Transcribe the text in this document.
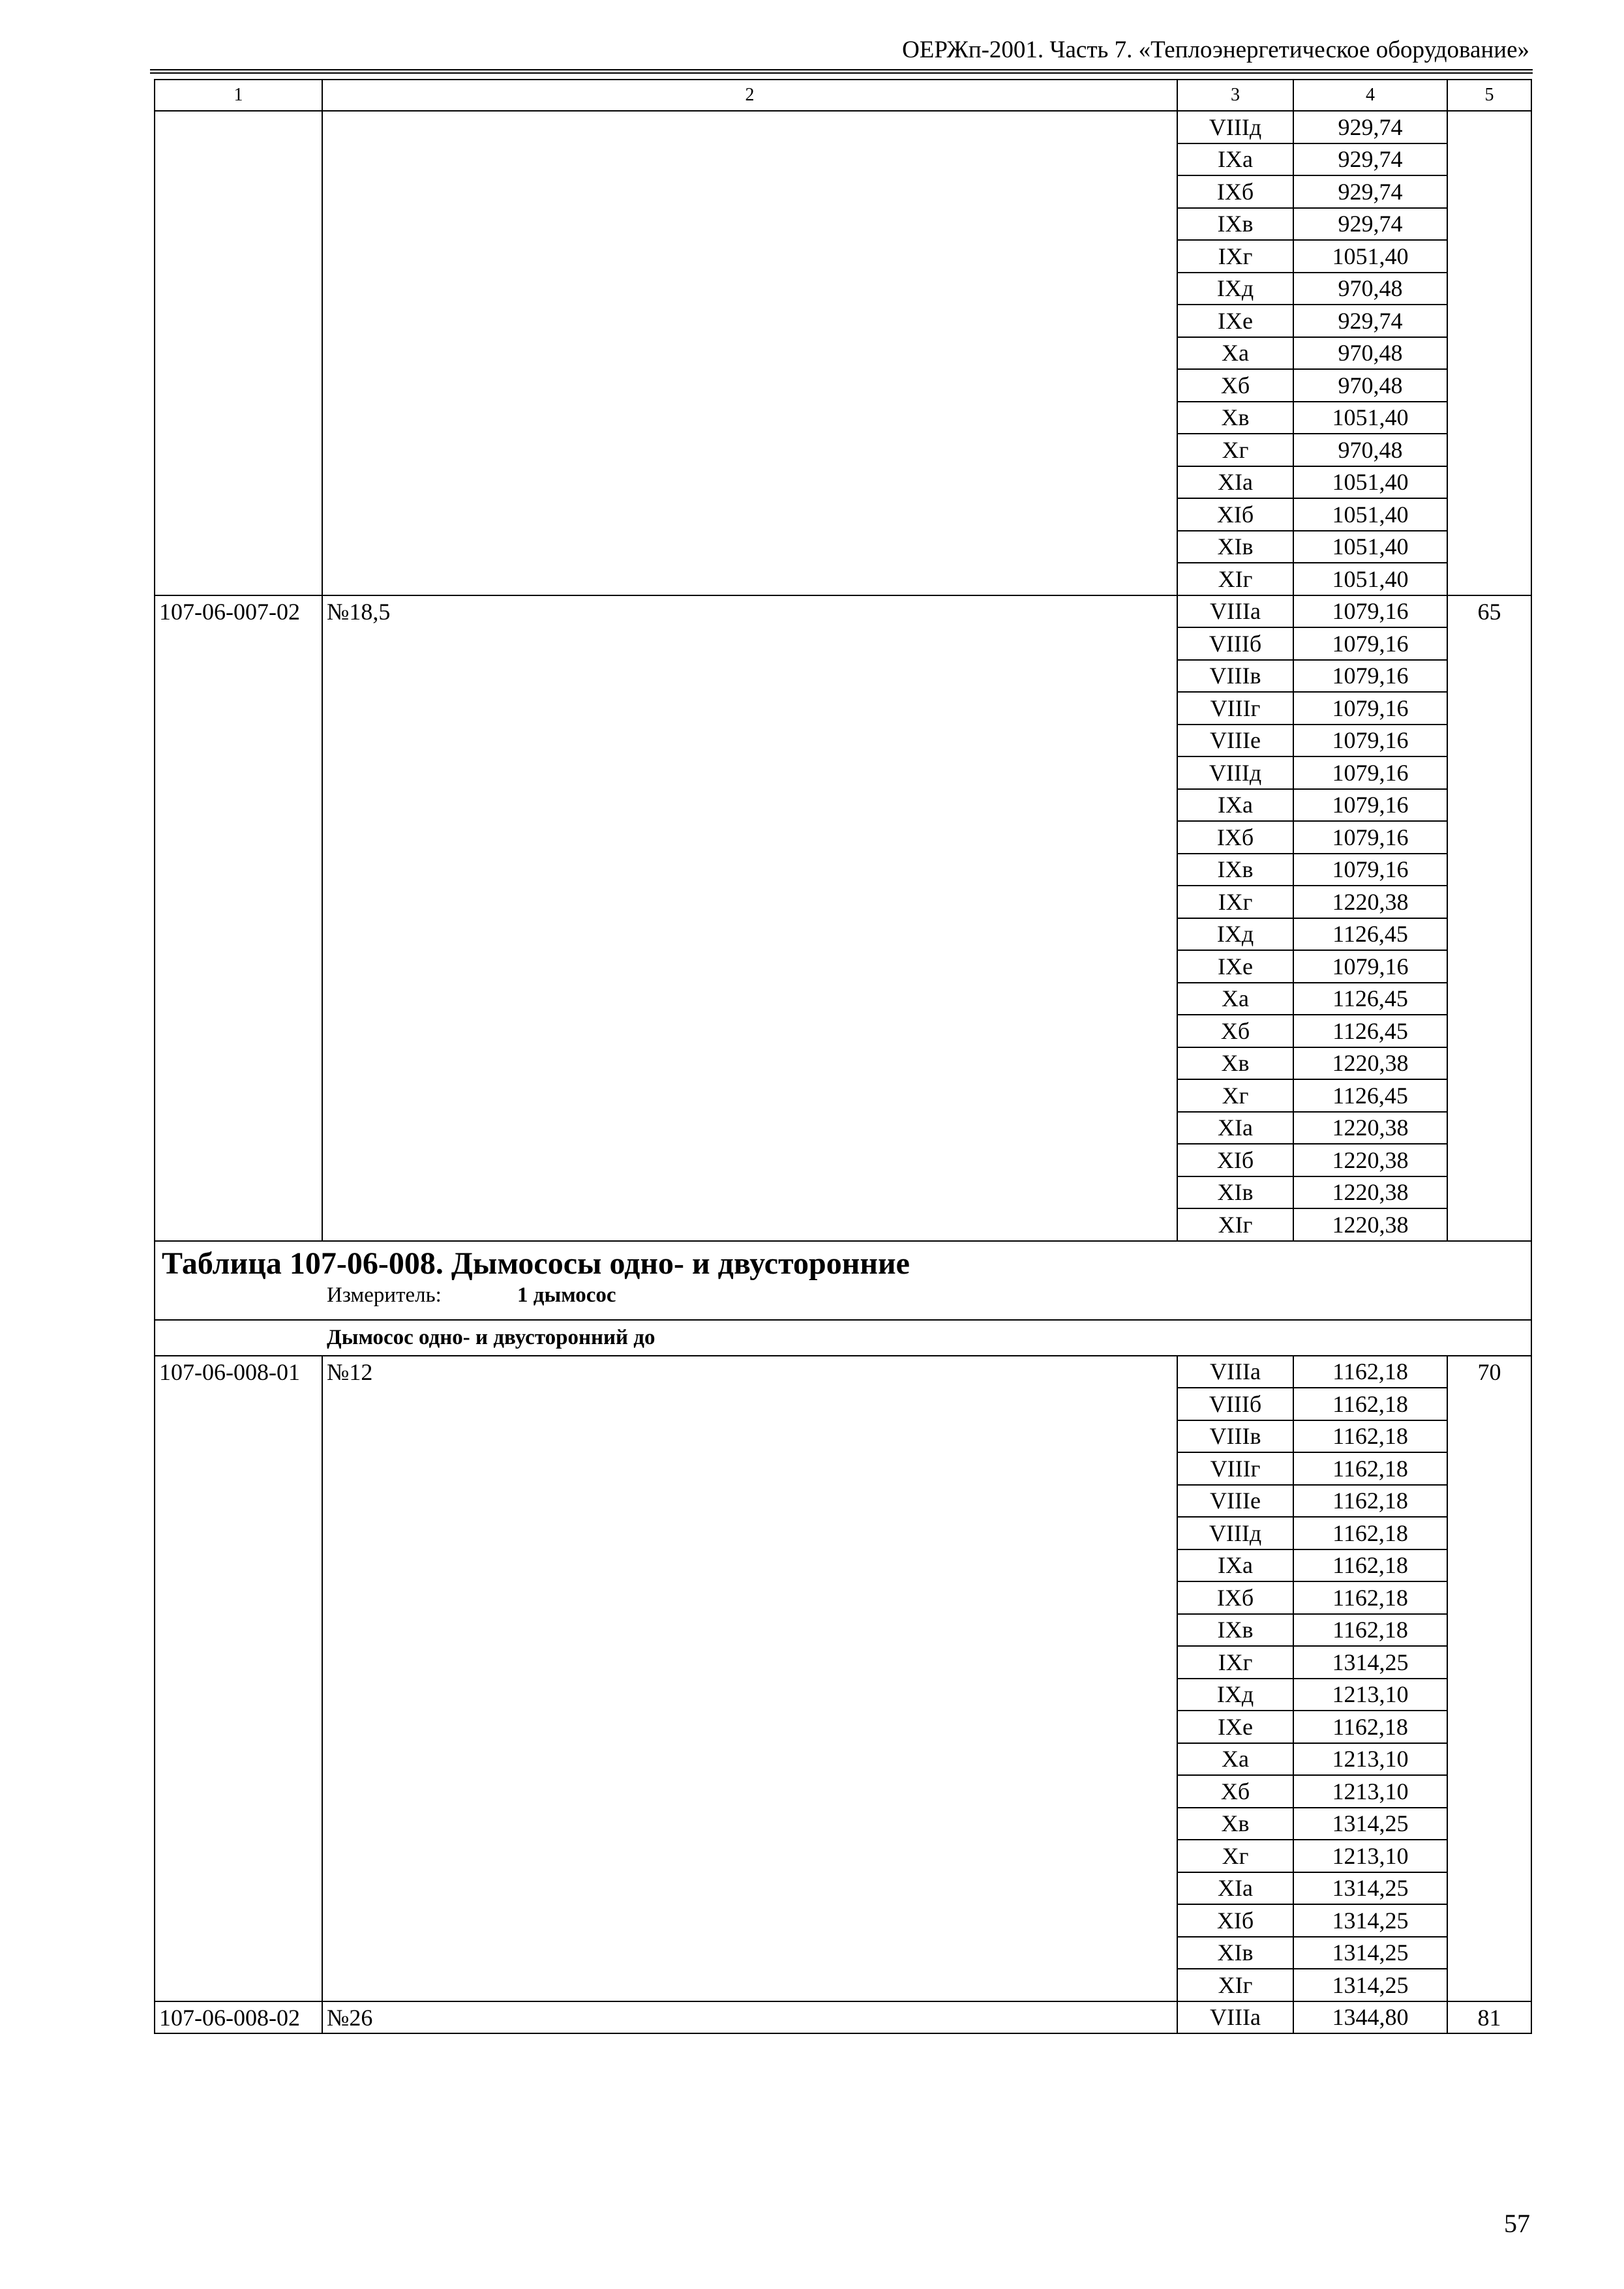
ОЕРЖп-2001. Часть 7. «Теплоэнергетическое оборудование»
1	2	3	4	5
		VIIIд	929,74	
		IXа	929,74	
		IXб	929,74	
		IXв	929,74	
		IXг	1051,40	
		IXд	970,48	
		IXе	929,74	
		Xа	970,48	
		Xб	970,48	
		Xв	1051,40	
		Xг	970,48	
		XIа	1051,40	
		XIб	1051,40	
		XIв	1051,40	
		XIг	1051,40	
107-06-007-02	№18,5	VIIIа	1079,16	65
		VIIIб	1079,16	
		VIIIв	1079,16	
		VIIIг	1079,16	
		VIIIе	1079,16	
		VIIIд	1079,16	
		IXа	1079,16	
		IXб	1079,16	
		IXв	1079,16	
		IXг	1220,38	
		IXд	1126,45	
		IXе	1079,16	
		Xа	1126,45	
		Xб	1126,45	
		Xв	1220,38	
		Xг	1126,45	
		XIа	1220,38	
		XIб	1220,38	
		XIв	1220,38	
		XIг	1220,38	

Таблица 107-06-008. Дымососы одно- и двусторонние
Измеритель: 1 дымосос				

Дымосос одно- и двусторонний до				
107-06-008-01	№12	VIIIа	1162,18	70
		VIIIб	1162,18	
		VIIIв	1162,18	
		VIIIг	1162,18	
		VIIIе	1162,18	
		VIIIд	1162,18	
		IXа	1162,18	
		IXб	1162,18	
		IXв	1162,18	
		IXг	1314,25	
		IXд	1213,10	
		IXе	1162,18	
		Xа	1213,10	
		Xб	1213,10	
		Xв	1314,25	
		Xг	1213,10	
		XIа	1314,25	
		XIб	1314,25	
		XIв	1314,25	
		XIг	1314,25	
107-06-008-02	№26	VIIIа	1344,80	81
57
